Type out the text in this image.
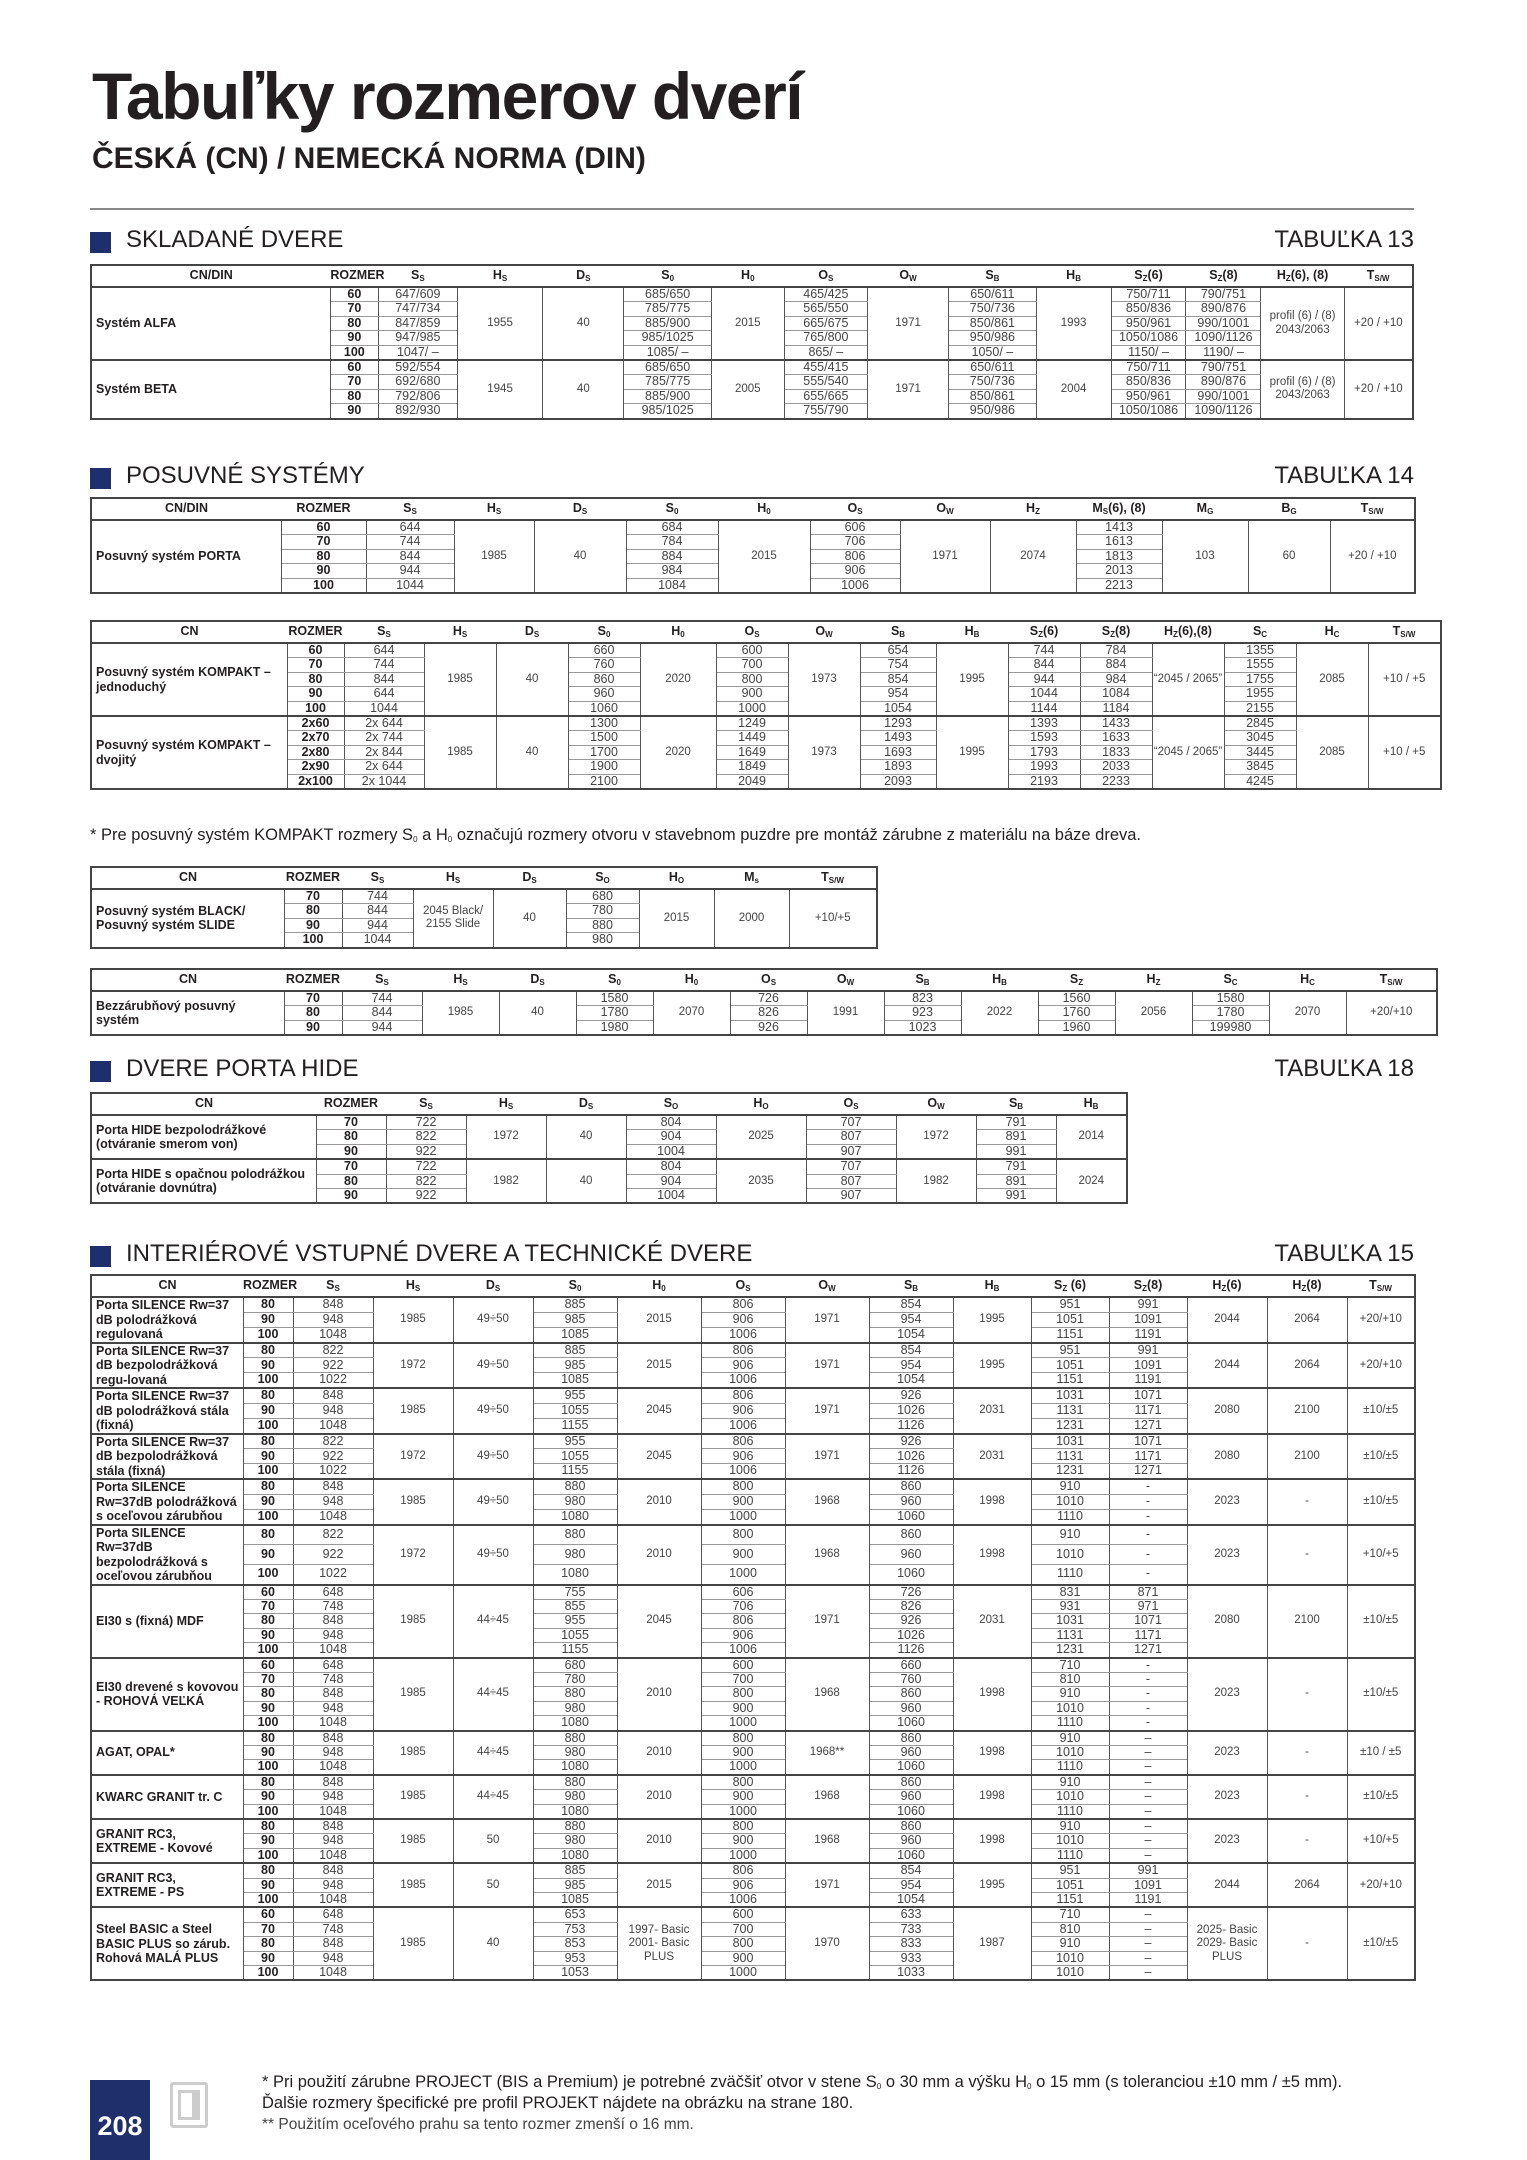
Tabuľky rozmerov dverí
ČESKÁ (CN) / NEMECKÁ NORMA (DIN)
SKLADANÉ DVERE	TABUĽKA 13
CN/DIN	ROZMER	$S_S$	$H_S$	$D_S$	$S_0$	$H_0$	$O_S$	$O_W$	$S_B$	$H_B$	$S_Z(6)$	$S_Z(8)$	$H_Z(6)$, (8)	$T_{S/W}$
Systém ALFA	60	647/609	1955	40	685/650	2015	465/425	1971	650/611	1993	750/711	790/751	profil (6) / (8) 2043/2063	+20 / +10
	70	747/734			785/775		565/550		750/736		850/836	890/876		
	80	847/859			885/900		665/675		850/861		950/961	990/1001		
	90	947/985			985/1025		765/800		950/986		1050/1086	1090/1126		
	100	1047/ –			1085/ –		865/ –		1050/ –		1150/ –	1190/ –		
Systém BETA	60	592/554	1945	40	685/650	2005	455/415	1971	650/611	2004	750/711	790/751	profil (6) / (8) 2043/2063	+20 / +10
	70	692/680			785/775		555/540		750/736		850/836	890/876		
	80	792/806			885/900		655/665		850/861		950/961	990/1001		
	90	892/930			985/1025		755/790		950/986		1050/1086	1090/1126		
POSUVNÉ SYSTÉMY	TABUĽKA 14
CN/DIN	ROZMER	$S_S$	$H_S$	$D_S$	$S_0$	$H_0$	$O_S$	$O_W$	$H_Z$	$M_S(6)$, (8)	$M_G$	$B_G$	$T_{S/W}$
Posuvný systém PORTA	60	644	1985	40	684	2015	606	1971	2074	1413	103	60	+20 / +10
	70	744			784		706			1613			
	80	844			884		806			1813			
	90	944			984		906			2013			
	100	1044			1084		1006			2213			
CN	ROZMER	$S_S$	$H_S$	$D_S$	$S_0$	$H_0$	$O_S$	$O_W$	$S_B$	$H_B$	$S_Z(6)$	$S_Z(8)$	$H_Z(6),(8)$	$S_C$	$H_C$	$T_{S/W}$
Posuvný systém KOMPAKT – jednoduchý	60	644	1985	40	660	2020	600	1973	654	1995	744	784	“2045 / 2065”	1355	2085	+10 / +5
	70	744			760		700		754		844	884		1555		
	80	844			860		800		854		944	984		1755		
	90	644			960		900		954		1044	1084		1955		
	100	1044			1060		1000		1054		1144	1184		2155		
Posuvný systém KOMPAKT – dvojitý	2x60	2x 644	1985	40	1300	2020	1249	1973	1293	1995	1393	1433	“2045 / 2065”	2845	2085	+10 / +5
	2x70	2x 744			1500		1449		1493		1593	1633		3045		
	2x80	2x 844			1700		1649		1693		1793	1833		3445		
	2x90	2x 644			1900		1849		1893		1993	2033		3845		
	2x100	2x 1044			2100		2049		2093		2193	2233		4245		
* Pre posuvný systém KOMPAKT rozmery $S_0$ a $H_0$ označujú rozmery otvoru v stavebnom puzdre pre montáž zárubne z materiálu na báze dreva.
CN	ROZMER	$S_S$	$H_S$	$D_S$	$S_O$	$H_O$	$M_s$	$T_{S/W}$
Posuvný systém BLACK/ Posuvný systém SLIDE	70	744	2045 Black/ 2155 Slide	40	680	2015	2000	+10/+5
	80	844			780			
	90	944			880			
	100	1044			980			
CN	ROZMER	$S_S$	$H_S$	$D_S$	$S_0$	$H_0$	$O_S$	$O_W$	$S_B$	$H_B$	$S_Z$	$H_Z$	$S_C$	$H_C$	$T_{S/W}$
Bezzárubňový posuvný systém	70	744	1985	40	1580	2070	726	1991	823	2022	1560	2056	1580	2070	+20/+10
	80	844			1780		826		923		1760		1780		
	90	944			1980		926		1023		1960		199980		
DVERE PORTA HIDE	TABUĽKA 18
CN	ROZMER	$S_S$	$H_S$	$D_S$	$S_O$	$H_O$	$O_S$	$O_W$	$S_B$	$H_B$
Porta HIDE bezpolodrážkové (otváranie smerom von)	70	722	1972	40	804	2025	707	1972	791	2014
	80	822			904		807		891	
	90	922			1004		907		991	
Porta HIDE s opačnou polodrážkou (otváranie dovnútra)	70	722	1982	40	804	2035	707	1982	791	2024
	80	822			904		807		891	
	90	922			1004		907		991	
INTERIÉROVÉ VSTUPNÉ DVERE A TECHNICKÉ DVERE	TABUĽKA 15
CN	ROZMER	$S_S$	$H_S$	$D_S$	$S_0$	$H_0$	$O_S$	$O_W$	$S_B$	$H_B$	$S_Z$ (6)	$S_Z(8)$	$H_Z(6)$	$H_Z(8)$	$T_{S/W}$
Porta SILENCE Rw=37 dB polodrážková regulovaná	80	848	1985	49÷50	885	2015	806	1971	854	1995	951	991	2044	2064	+20/+10
	90	948			985		906		954		1051	1091			
	100	1048			1085		1006		1054		1151	1191			
Porta SILENCE Rw=37 dB bezpolodrážková regu-lovaná	80	822	1972	49÷50	885	2015	806	1971	854	1995	951	991	2044	2064	+20/+10
	90	922			985		906		954		1051	1091			
	100	1022			1085		1006		1054		1151	1191			
Porta SILENCE Rw=37 dB polodrážková stála (fixná)	80	848	1985	49÷50	955	2045	806	1971	926	2031	1031	1071	2080	2100	±10/±5
	90	948			1055		906		1026		1131	1171			
	100	1048			1155		1006		1126		1231	1271			
Porta SILENCE Rw=37 dB bezpolodrážková stála (fixná)	80	822	1972	49÷50	955	2045	806	1971	926	2031	1031	1071	2080	2100	±10/±5
	90	922			1055		906		1026		1131	1171			
	100	1022			1155		1006		1126		1231	1271			
Porta SILENCE Rw=37dB polodrážková s oceľovou zárubňou	80	848	1985	49÷50	880	2010	800	1968	860	1998	910	-	2023	-	±10/±5
	90	948			980		900		960		1010	-			
	100	1048			1080		1000		1060		1110	-			
Porta SILENCE Rw=37dB bezpolodrážková s oceľovou zárubňou	80	822	1972	49÷50	880	2010	800	1968	860	1998	910	-	2023	-	+10/+5
	90	922			980		900		960		1010	-			
	100	1022			1080		1000		1060		1110	-			
EI30 s (fixná) MDF	60	648	1985	44÷45	755	2045	606	1971	726	2031	831	871	2080	2100	±10/±5
	70	748			855		706		826		931	971			
	80	848			955		806		926		1031	1071			
	90	948			1055		906		1026		1131	1171			
	100	1048			1155		1006		1126		1231	1271			
EI30 drevené s kovovou - ROHOVÁ VEĽKÁ	60	648	1985	44÷45	680	2010	600	1968	660	1998	710	-	2023	-	±10/±5
	70	748			780		700		760		810	-			
	80	848			880		800		860		910	-			
	90	948			980		900		960		1010	-			
	100	1048			1080		1000		1060		1110	-			
AGAT, OPAL*	80	848	1985	44÷45	880	2010	800	1968**	860	1998	910	–	2023	-	±10 / ±5
	90	948			980		900		960		1010	–			
	100	1048			1080		1000		1060		1110	–			
KWARC GRANIT tr. C	80	848	1985	44÷45	880	2010	800	1968	860	1998	910	–	2023	-	±10/±5
	90	948			980		900		960		1010	–			
	100	1048			1080		1000		1060		1110	–			
GRANIT RC3, EXTREME - Kovové	80	848	1985	50	880	2010	800	1968	860	1998	910	–	2023	-	+10/+5
	90	948			980		900		960		1010	–			
	100	1048			1080		1000		1060		1110	–			
GRANIT RC3, EXTREME - PS	80	848	1985	50	885	2015	806	1971	854	1995	951	991	2044	2064	+20/+10
	90	948			985		906		954		1051	1091			
	100	1048			1085		1006		1054		1151	1191			
Steel BASIC a Steel BASIC PLUS so zárub. Rohová MALÁ PLUS	60	648	1985	40	653	1997- Basic 2001- Basic PLUS	600	1970	633	1987	710	–	2025- Basic 2029- Basic PLUS	-	±10/±5
	70	748			753		700		733		810	–			
	80	848			853		800		833		910	–			
	90	948			953		900		933		1010	–			
	100	1048			1053		1000		1033		1010	–			
* Pri použití zárubne PROJECT (BIS a Premium) je potrebné zväčšiť otvor v stene $S_0$ o 30 mm a výšku $H_0$ o 15 mm (s toleranciou ±10 mm / ±5 mm).
Ďalšie rozmery špecifické pre profil PROJEKT nájdete na obrázku na strane 180.
** Použitím oceľového prahu sa tento rozmer zmenší o 16 mm.
208
